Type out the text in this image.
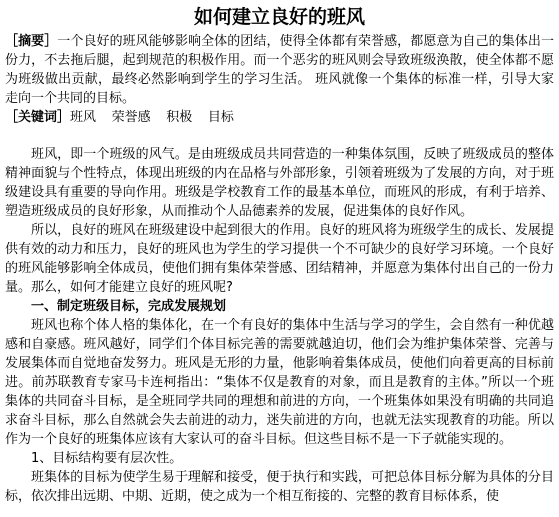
如何建立良好的班风

［摘要］一个良好的班风能够影响全体的团结，使得全体都有荣誉感，都愿意为自己的集体出一份力，不去拖后腿，起到规范的积极作用。而一个恶劣的班风则会导致班级涣散，使全体都不愿为班级做出贡献，最终必然影响到学生的学习生活。 班风就像一个集体的标准一样，引导大家走向一个共同的目标。

［关键词］班风 荣誉感 积极 目标

班风，即一个班级的风气。是由班级成员共同营造的一种集体氛围，反映了班级成员的整体精神面貌与个性特点，体现出班级的内在品格与外部形象，引领着班级为了发展的方向，对于班级建设具有重要的导向作用。班级是学校教育工作的最基本单位，而班风的形成，有利于培养、塑造班级成员的良好形象，从而推动个人品德素养的发展，促进集体的良好作风。

所以，良好的班风在班级建设中起到很大的作用。良好的班风将为班级学生的成长、发展提供有效的动力和压力，良好的班风也为学生的学习提供一个不可缺少的良好学习环境。一个良好的班风能够影响全体成员，使他们拥有集体荣誉感、团结精神，并愿意为集体付出自己的一份力量。那么，如何才能建立良好的班风呢?

一、制定班级目标，完成发展规划

班风也称个体人格的集体化，在一个有良好的集体中生活与学习的学生，会自然有一种优越感和自豪感。班风越好，同学们个体目标完善的需要就越迫切，他们会为维护集体荣誉、完善与发展集体而自觉地奋发努力。班风是无形的力量，他影响着集体成员，使他们向着更高的目标前进。前苏联教育专家马卡连柯指出：“集体不仅是教育的对象，而且是教育的主体。”所以一个班集体的共同奋斗目标，是全班同学共同的理想和前进的方向，一个班集体如果没有明确的共同追求奋斗目标，那么自然就会失去前进的动力，迷失前进的方向，也就无法实现教育的功能。所以作为一个良好的班集体应该有大家认可的奋斗目标。但这些目标不是一下子就能实现的。

1、目标结构要有层次性。

班集体的目标为使学生易于理解和接受，便于执行和实践，可把总体目标分解为具体的分目标，依次排出远期、中期、近期，使之成为一个相互衔接的、完整的教育目标体系，使
